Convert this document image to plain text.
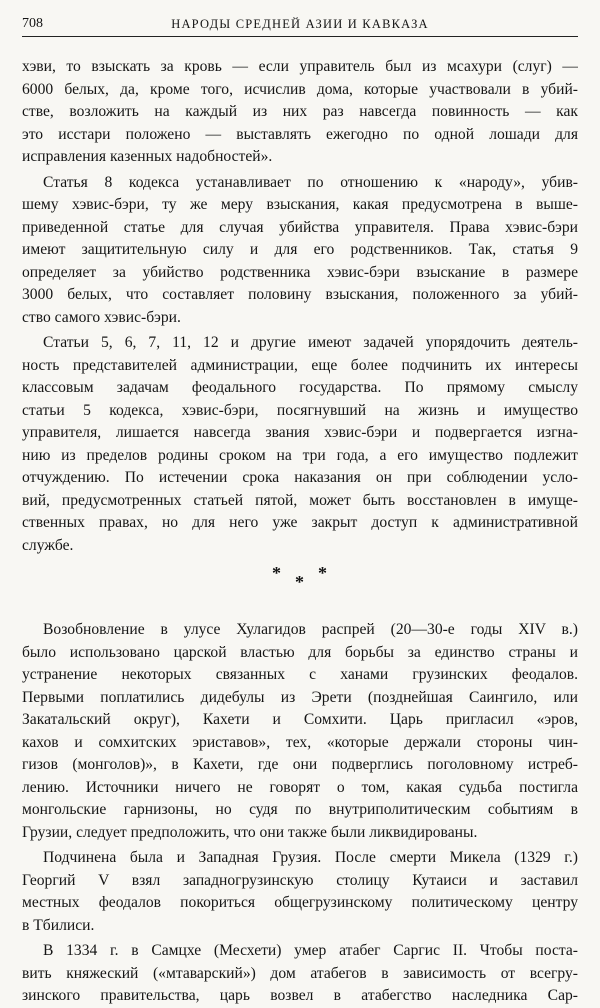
708	НАРОДЫ СРЕДНЕЙ АЗИИ И КАВКАЗА
хэви, то взыскать за кровь — если управитель был из мсахури (слуг) —
6000 белых, да, кроме того, исчислив дома, которые участвовали в убий-
стве, возложить на каждый из них раз навсегда повинность — как
это исстари положено — выставлять ежегодно по одной лошади для
исправления казенных надобностей».
Статья 8 кодекса устанавливает по отношению к «народу», убив-
шему хэвис-бэри, ту же меру взыскания, какая предусмотрена в выше-
приведенной статье для случая убийства управителя. Права хэвис-бэри
имеют защитительную силу и для его родственников. Так, статья 9
определяет за убийство родственника хэвис-бэри взыскание в размере
3000 белых, что составляет половину взыскания, положенного за убий-
ство самого хэвис-бэри.
Статьи 5, 6, 7, 11, 12 и другие имеют задачей упорядочить деятель-
ность представителей администрации, еще более подчинить их интересы
классовым задачам феодального государства. По прямому смыслу
статьи 5 кодекса, хэвис-бэри, посягнувший на жизнь и имущество
управителя, лишается навсегда звания хэвис-бэри и подвергается изгна-
нию из пределов родины сроком на три года, а его имущество подлежит
отчуждению. По истечении срока наказания он при соблюдении усло-
вий, предусмотренных статьей пятой, может быть восстановлен в имуще-
ственных правах, но для него уже закрыт доступ к административной
службе.
* * *
Возобновление в улусе Хулагидов распрей (20—30-е годы XIV в.)
было использовано царской властью для борьбы за единство страны и
устранение некоторых связанных с ханами грузинских феодалов.
Первыми поплатились дидебулы из Эрети (позднейшая Саингило, или
Закатальский округ), Кахети и Сомхити. Царь пригласил «эров,
кахов и сомхитских эриставов», тех, «которые держали стороны чин-
гизов (монголов)», в Кахети, где они подверглись поголовному истреб-
лению. Источники ничего не говорят о том, какая судьба постигла
монгольские гарнизоны, но судя по внутриполитическим событиям в
Грузии, следует предположить, что они также были ликвидированы.
Подчинена была и Западная Грузия. После смерти Микела (1329 г.)
Георгий V взял западногрузинскую столицу Кутаиси и заставил
местных феодалов покориться общегрузинскому политическому центру
в Тбилиси.
В 1334 г. в Самцхе (Месхети) умер атабег Саргис II. Чтобы поста-
вить княжеский («мтаварский») дом атабегов в зависимость от всегру-
зинского правительства, царь возвел в атабегство наследника Сар-
